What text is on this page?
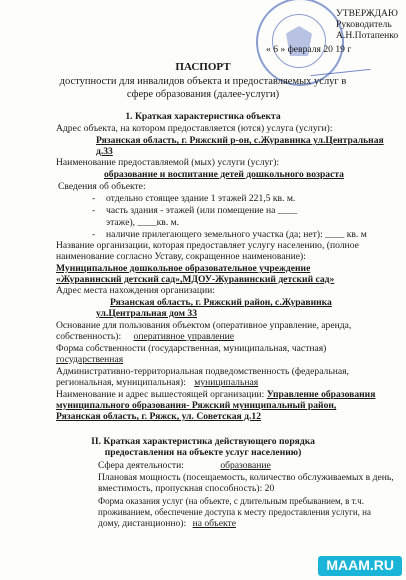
УТВЕРЖДАЮ
Руководитель
А.Н.Потапенко
« 6 » февраля 20 19 г
ПАСПОРТ
доступности для инвалидов объекта и предоставляемых услуг в
сфере образования (далее-услуги)
1. Краткая характеристика объекта
Адрес объекта, на котором предоставляется (ются) услуга (услуги):
Рязанская область, г. Ряжский р-он, с.Журавинка ул.Центральная
д.33
Наименование предоставляемой (мых) услуги (услуг):
образование и воспитание детей дошкольного возраста
Сведения об объекте:
- отдельно стоящее здание 1 этажей 221,5 кв. м.
- часть здания - этажей (или помещение на ____
этаже), ____кв. м.
- наличие прилегающего земельного участка (да; нет): ____ кв. м
Название организации, которая предоставляет услугу населению, (полное
наименование согласно Уставу, сокращенное наименование):
Муниципальное дошкольное образовательное учреждение
«Журавинский детский сад»,МДОУ-Журавинский детский сад»
Адрес места нахождения организации:
Рязанская область, г. Ряжский район, с.Журавинка
ул.Центральная дом 33
Основание для пользования объектом (оперативное управление, аренда,
собственность): оперативное управление
Форма собственности (государственная, муниципальная, частная)
государственная
Административно-территориальная подведомственность (федеральная,
региональная, муниципальная): муниципальная
Наименование и адрес вышестоящей организации: Управление образования
муниципального образования- Ряжский муниципальный район,
Рязанская область, г. Ряжск, ул. Советская д.12
II. Краткая характеристика действующего порядка
предоставления на объекте услуг населению)
Сфера деятельности:	образование
Плановая мощность (посещаемость, количество обслуживаемых в день,
вместимость, пропускная способность): 20
Форма оказания услуг (на объекте, с длительным пребыванием, в т.ч.
проживанием, обеспечение доступа к месту предоставления услуги, на
дому, дистанционно): на объекте
MAAM.RU
